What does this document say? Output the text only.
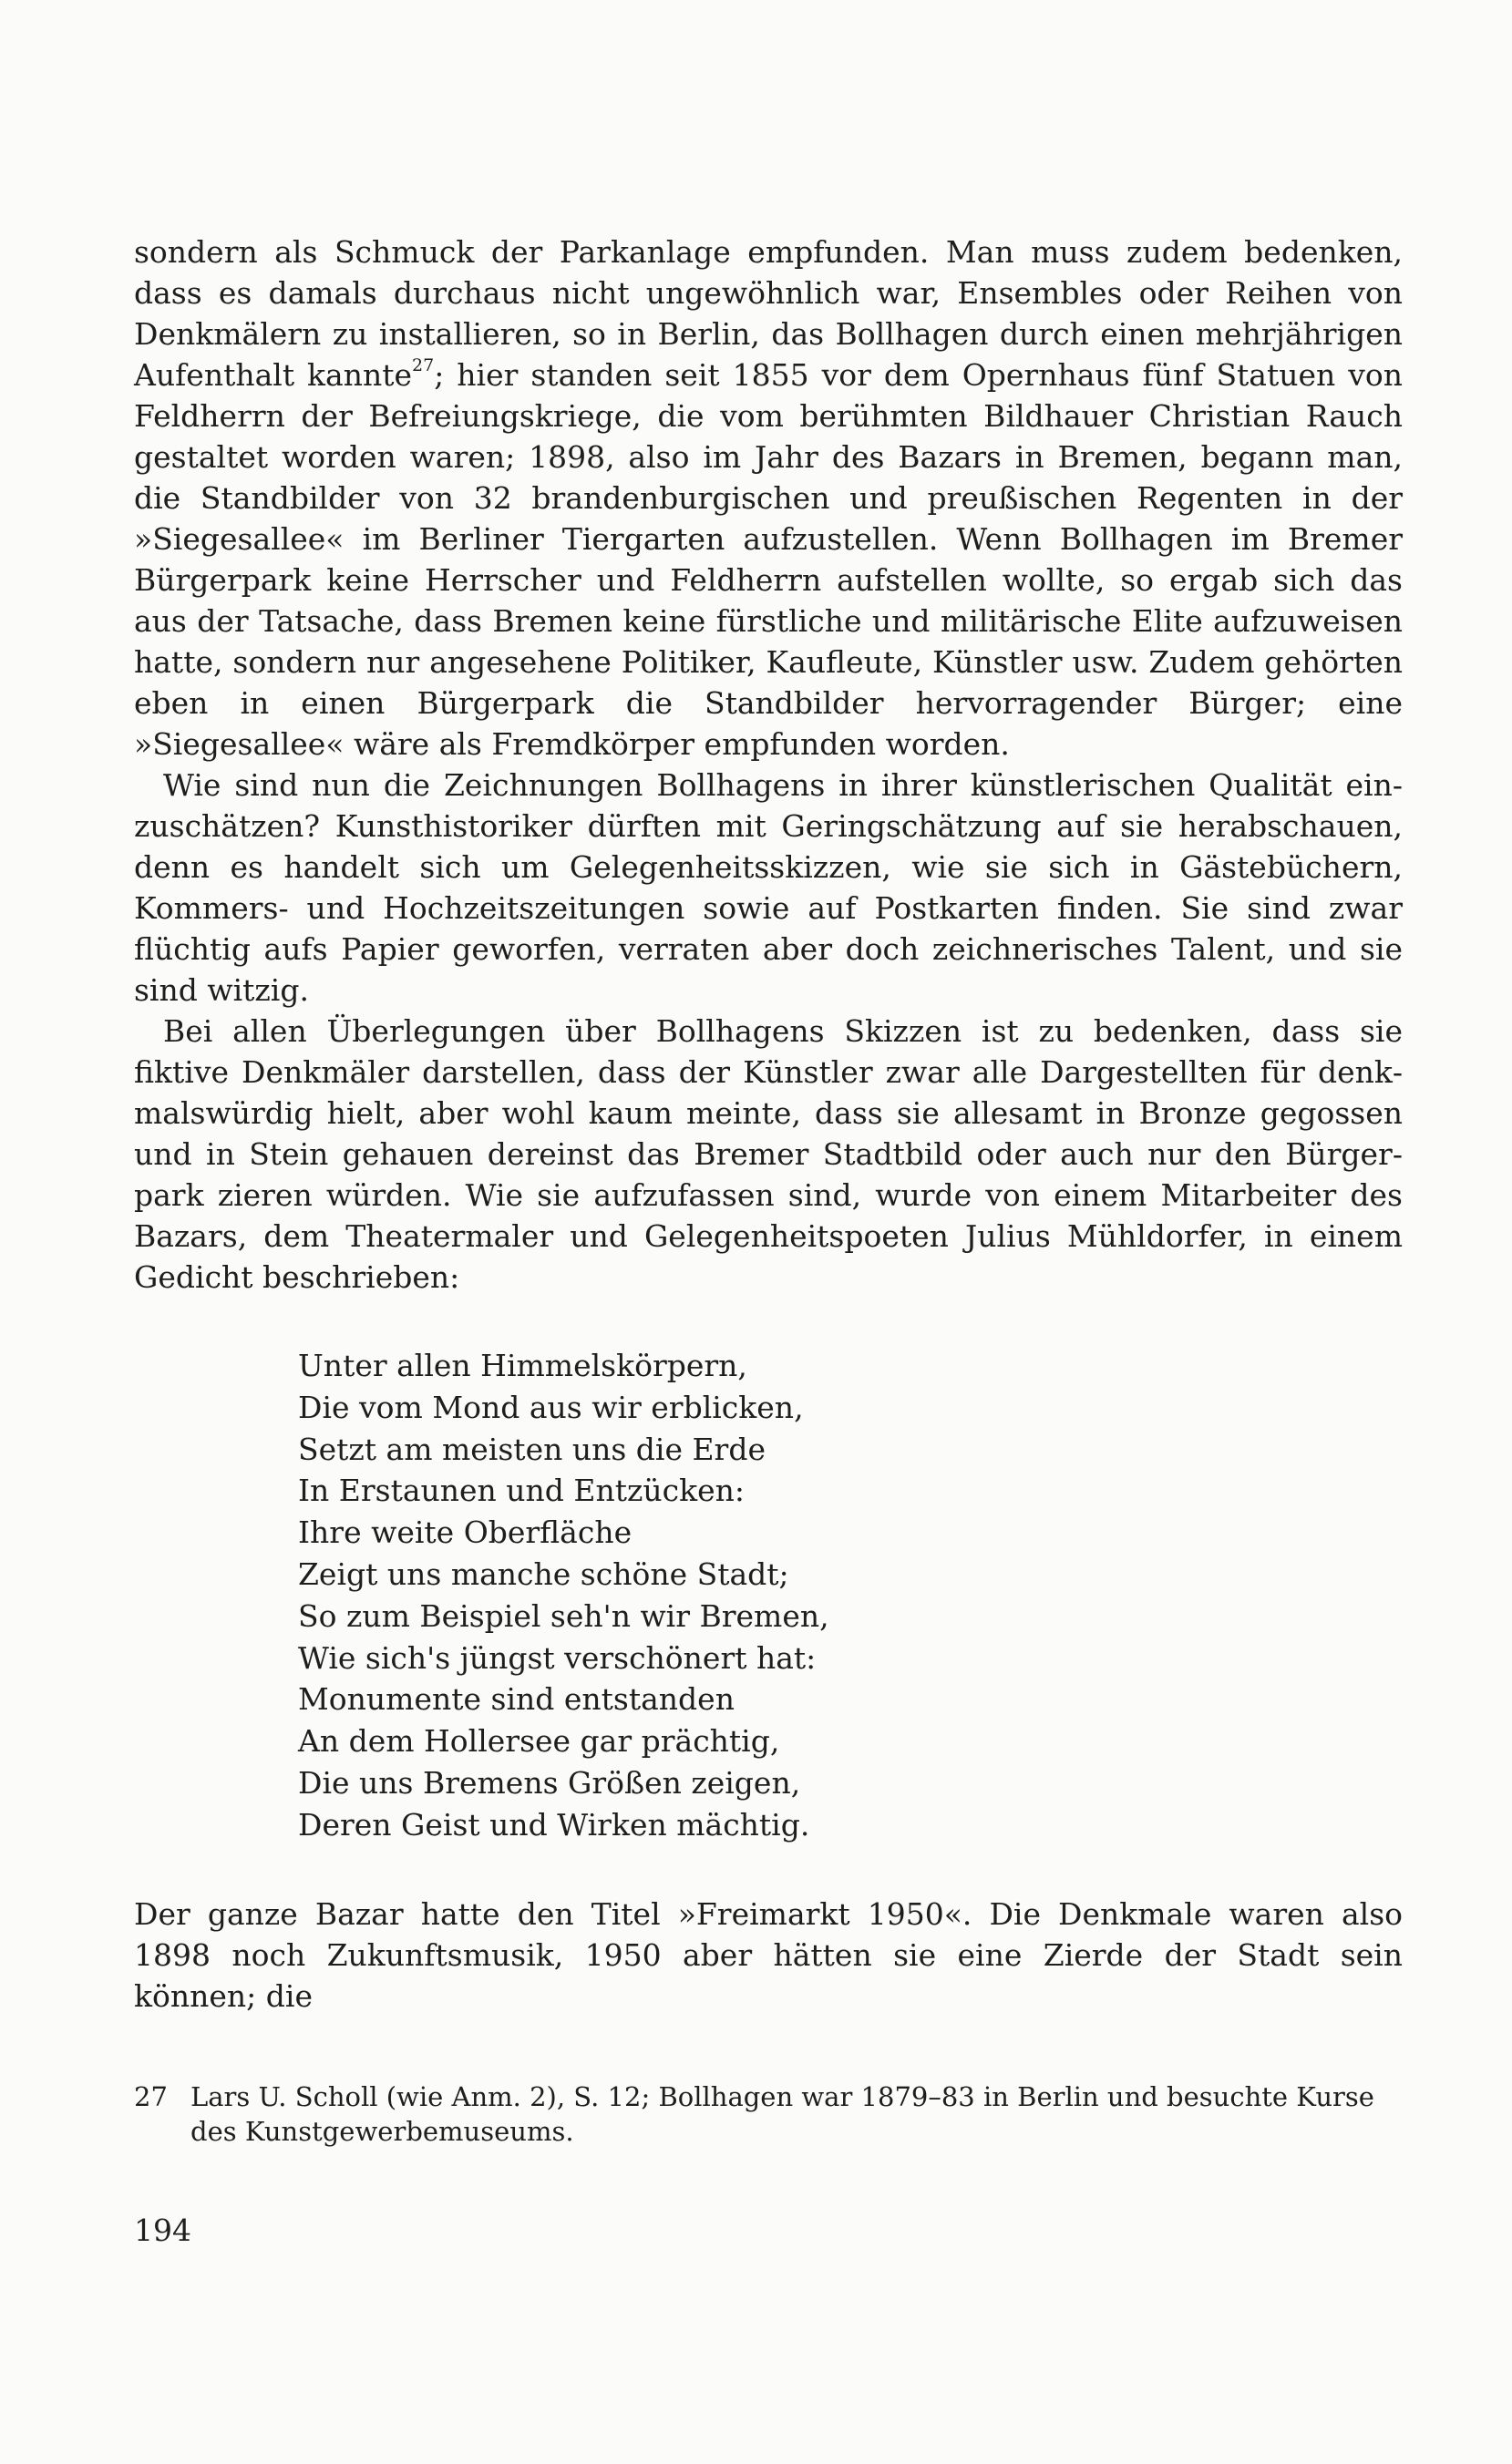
sondern als Schmuck der Parkanlage empfunden. Man muss zudem bedenken, dass es damals durchaus nicht ungewöhnlich war, Ensembles oder Reihen von Denkmälern zu installieren, so in Berlin, das Bollhagen durch einen mehrjährigen Aufenthalt kannte$^{27}$; hier standen seit 1855 vor dem Opernhaus fünf Statuen von Feldherrn der Befreiungskriege, die vom berühmten Bildhauer Christian Rauch gestaltet worden waren; 1898, also im Jahr des Bazars in Bremen, begann man, die Standbilder von 32 brandenburgischen und preußischen Regenten in der »Siegesallee« im Berliner Tiergarten aufzustellen. Wenn Bollhagen im Bremer Bürgerpark keine Herrscher und Feldherrn aufstellen wollte, so ergab sich das aus der Tatsache, dass Bremen keine fürstliche und militärische Elite aufzuweisen hatte, sondern nur angesehene Politiker, Kaufleute, Künstler usw. Zudem gehörten eben in einen Bürgerpark die Standbilder hervorragender Bürger; eine »Siegesallee« wäre als Fremdkörper empfunden worden.

Wie sind nun die Zeichnungen Bollhagens in ihrer künstlerischen Qualität einzuschätzen? Kunsthistoriker dürften mit Geringschätzung auf sie herabschauen, denn es handelt sich um Gelegenheitsskizzen, wie sie sich in Gästebüchern, Kommers- und Hochzeitszeitungen sowie auf Postkarten finden. Sie sind zwar flüchtig aufs Papier geworfen, verraten aber doch zeichnerisches Talent, und sie sind witzig.

Bei allen Überlegungen über Bollhagens Skizzen ist zu bedenken, dass sie fiktive Denkmäler darstellen, dass der Künstler zwar alle Dargestellten für denkmalswürdig hielt, aber wohl kaum meinte, dass sie allesamt in Bronze gegossen und in Stein gehauen dereinst das Bremer Stadtbild oder auch nur den Bürgerpark zieren würden. Wie sie aufzufassen sind, wurde von einem Mitarbeiter des Bazars, dem Theatermaler und Gelegenheitspoeten Julius Mühldorfer, in einem Gedicht beschrieben:

Unter allen Himmelskörpern,
Die vom Mond aus wir erblicken,
Setzt am meisten uns die Erde
In Erstaunen und Entzücken:
Ihre weite Oberfläche
Zeigt uns manche schöne Stadt;
So zum Beispiel seh'n wir Bremen,
Wie sich's jüngst verschönert hat:
Monumente sind entstanden
An dem Hollersee gar prächtig,
Die uns Bremens Größen zeigen,
Deren Geist und Wirken mächtig.

Der ganze Bazar hatte den Titel »Freimarkt 1950«. Die Denkmale waren also 1898 noch Zukunftsmusik, 1950 aber hätten sie eine Zierde der Stadt sein können; die

27 Lars U. Scholl (wie Anm. 2), S. 12; Bollhagen war 1879–83 in Berlin und besuchte Kurse des Kunstgewerbemuseums.
194
